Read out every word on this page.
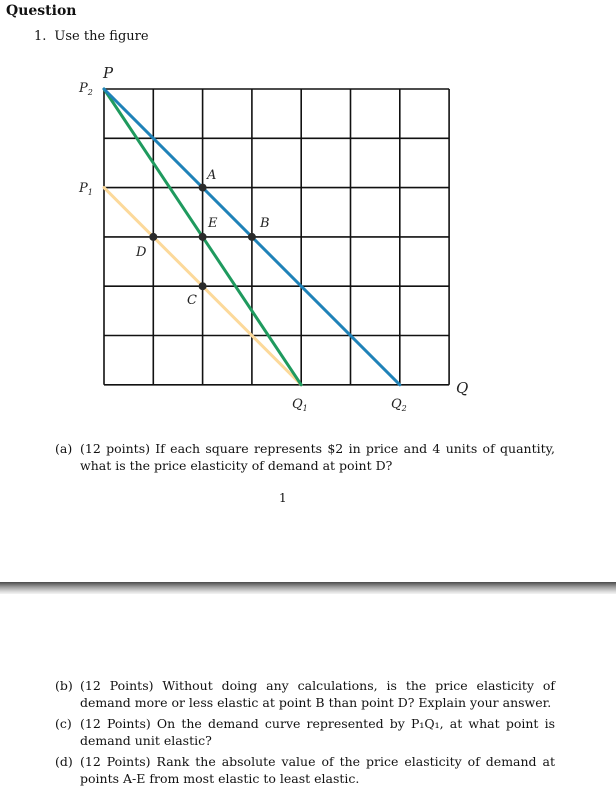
Question
1. Use the figure
P
Q
$P_2$
$P_1$
$Q_1$	$Q_2$
A
B
C
D
E
(a) (12 points) If each square represents $2 in price and 4 units of quantity, what is the price elasticity of demand at point D?
1
(b) (12 Points) Without doing any calculations, is the price elasticity of demand more or less elastic at point B than point D? Explain your answer.
(c) (12 Points) On the demand curve represented by P₁Q₁, at what point is demand unit elastic?
(d) (12 Points) Rank the absolute value of the price elasticity of demand at points A-E from most elastic to least elastic.
